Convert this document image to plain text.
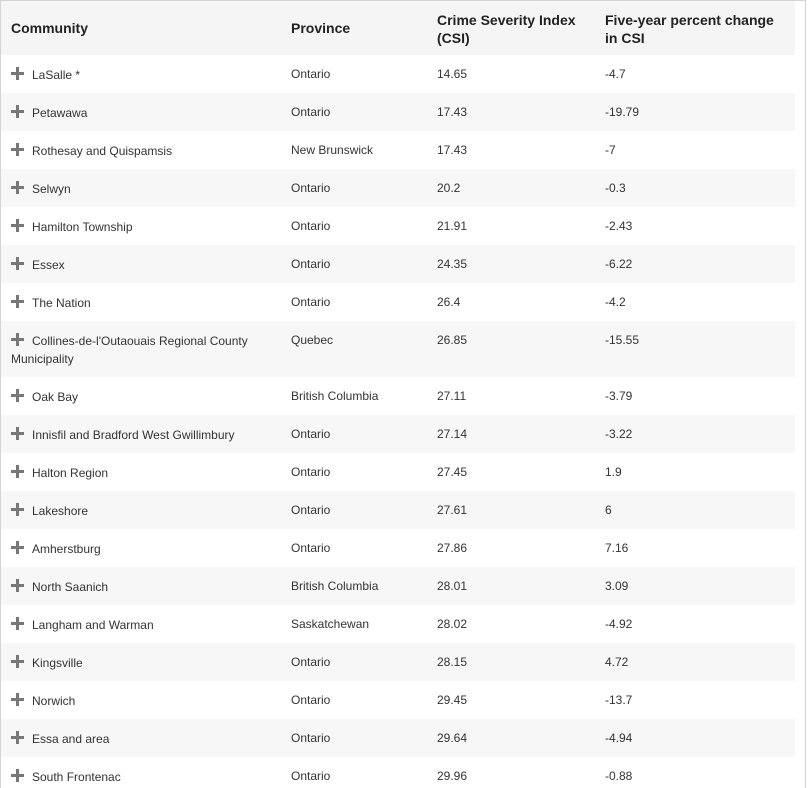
Community	Province	Crime Severity Index (CSI)	Five-year percent change in CSI
LaSalle *	Ontario	14.65	-4.7
Petawawa	Ontario	17.43	-19.79
Rothesay and Quispamsis	New Brunswick	17.43	-7
Selwyn	Ontario	20.2	-0.3
Hamilton Township	Ontario	21.91	-2.43
Essex	Ontario	24.35	-6.22
The Nation	Ontario	26.4	-4.2
Collines-de-l'Outaouais Regional County Municipality	Quebec	26.85	-15.55
Oak Bay	British Columbia	27.11	-3.79
Innisfil and Bradford West Gwillimbury	Ontario	27.14	-3.22
Halton Region	Ontario	27.45	1.9
Lakeshore	Ontario	27.61	6
Amherstburg	Ontario	27.86	7.16
North Saanich	British Columbia	28.01	3.09
Langham and Warman	Saskatchewan	28.02	-4.92
Kingsville	Ontario	28.15	4.72
Norwich	Ontario	29.45	-13.7
Essa and area	Ontario	29.64	-4.94
South Frontenac	Ontario	29.96	-0.88
